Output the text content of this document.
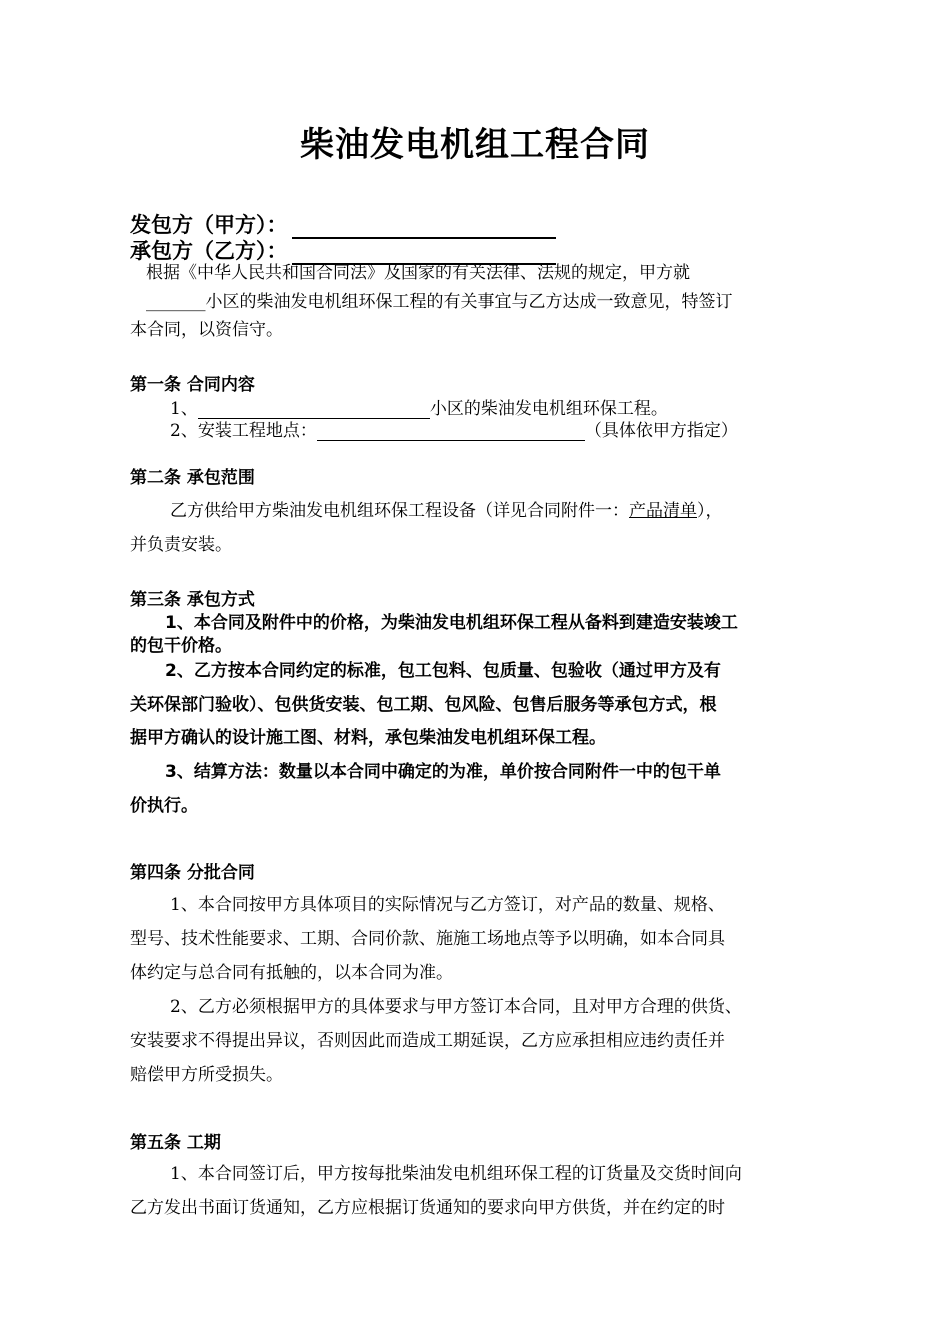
柴油发电机组工程合同
发包方（甲方）：
承包方（乙方）：
根据《中华人民共和国合同法》及国家的有关法律、法规的规定，甲方就
_______小区的柴油发电机组环保工程的有关事宜与乙方达成一致意见，特签订
本合同，以资信守。
第一条 合同内容
1、	小区的柴油发电机组环保工程。
2、安装工程地点：	（具体依甲方指定）
第二条 承包范围
乙方供给甲方柴油发电机组环保工程设备（详见合同附件一：产品清单），
并负责安装。
第三条 承包方式
1、本合同及附件中的价格，为柴油发电机组环保工程从备料到建造安装竣工
的包干价格。
2、乙方按本合同约定的标准，包工包料、包质量、包验收（通过甲方及有
关环保部门验收）、包供货安装、包工期、包风险、包售后服务等承包方式，根
据甲方确认的设计施工图、材料，承包柴油发电机组环保工程。
3、结算方法：数量以本合同中确定的为准，单价按合同附件一中的包干单
价执行。
第四条 分批合同
1、本合同按甲方具体项目的实际情况与乙方签订，对产品的数量、规格、
型号、技术性能要求、工期、合同价款、施施工场地点等予以明确，如本合同具
体约定与总合同有抵触的，以本合同为准。
2、乙方必须根据甲方的具体要求与甲方签订本合同，且对甲方合理的供货、
安装要求不得提出异议，否则因此而造成工期延误，乙方应承担相应违约责任并
赔偿甲方所受损失。
第五条 工期
1、本合同签订后，甲方按每批柴油发电机组环保工程的订货量及交货时间向
乙方发出书面订货通知，乙方应根据订货通知的要求向甲方供货，并在约定的时
